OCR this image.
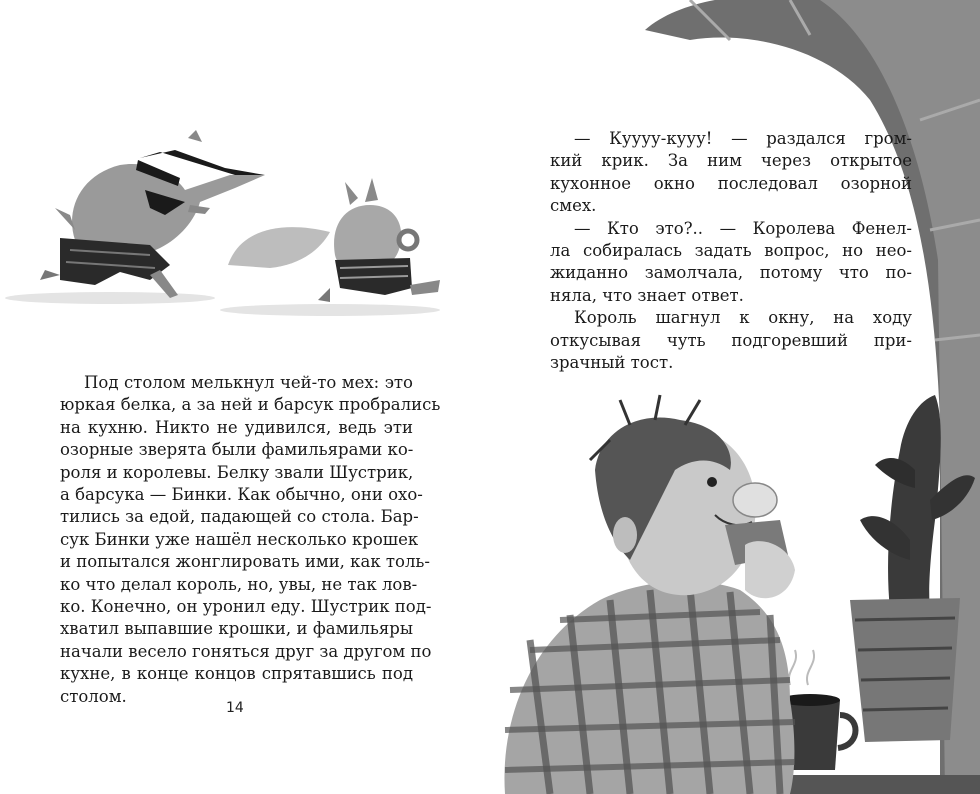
Под столом мелькнул чей-то мех: это
юркая белка, а за ней и барсук пробрались
на кухню. Никто не удивился, ведь эти
озорные зверята были фамильярами ко-
роля и королевы. Белку звали Шустрик,
а барсука — Бинки. Как обычно, они охо-
тились за едой, падающей со стола. Бар-
сук Бинки уже нашёл несколько крошек
и попытался жонглировать ими, как толь-
ко что делал король, но, увы, не так лов-
ко. Конечно, он уронил еду. Шустрик под-
хватил выпавшие крошки, и фамильяры
начали весело гоняться друг за другом по
кухне, в конце концов спрятавшись под
столом.
14
— Куууу-кууу! — раздался гром-
кий крик. За ним через открытое
кухонное окно последовал озорной
смех.
— Кто это?.. — Королева Фенел-
ла собиралась задать вопрос, но нео-
жиданно замолчала, потому что по-
няла, что знает ответ.
Король шагнул к окну, на ходу
откусывая чуть подгоревший при-
зрачный тост.
